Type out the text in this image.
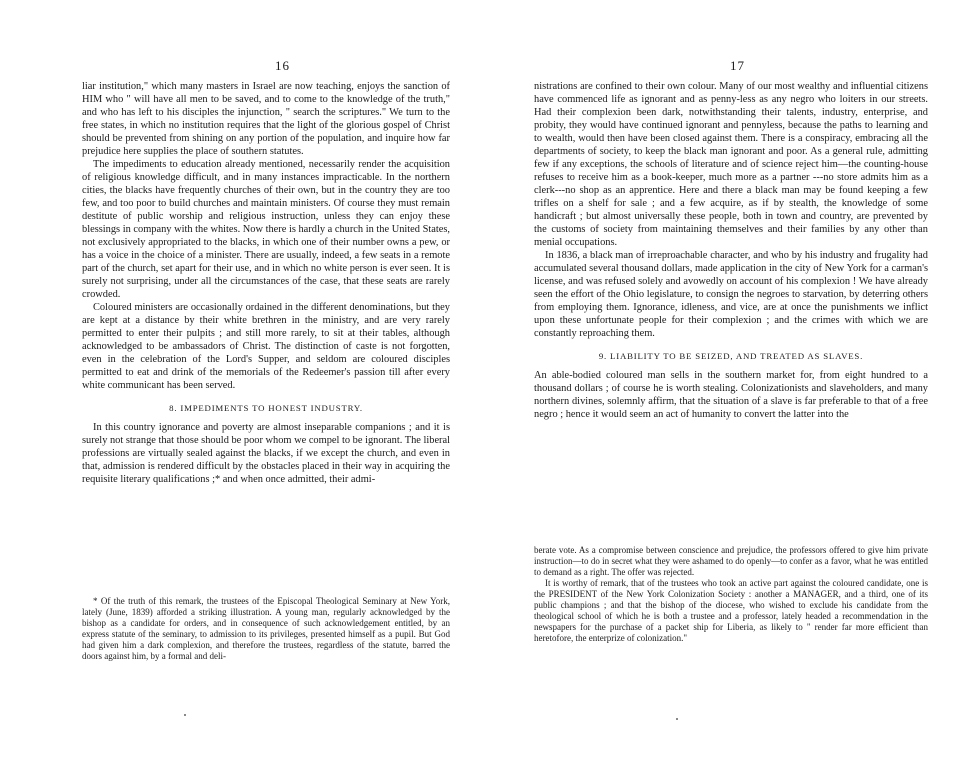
16

liar institution," which many masters in Israel are now teaching, enjoys the sanction of HIM who " will have all men to be saved, and to come to the knowledge of the truth," and who has left to his disciples the injunction, " search the scriptures." We turn to the free states, in which no institution requires that the light of the glorious gospel of Christ should be prevented from shining on any portion of the population, and inquire how far prejudice here supplies the place of southern statutes.

The impediments to education already mentioned, necessarily render the acquisition of religious knowledge difficult, and in many instances impracticable. In the northern cities, the blacks have frequently churches of their own, but in the country they are too few, and too poor to build churches and maintain ministers. Of course they must remain destitute of public worship and religious instruction, unless they can enjoy these blessings in company with the whites. Now there is hardly a church in the United States, not exclusively appropriated to the blacks, in which one of their number owns a pew, or has a voice in the choice of a minister. There are usually, indeed, a few seats in a remote part of the church, set apart for their use, and in which no white person is ever seen. It is surely not surprising, under all the circumstances of the case, that these seats are rarely crowded.

Coloured ministers are occasionally ordained in the different denominations, but they are kept at a distance by their white brethren in the ministry, and are very rarely permitted to enter their pulpits ; and still more rarely, to sit at their tables, although acknowledged to be ambassadors of Christ. The distinction of caste is not forgotten, even in the celebration of the Lord's Supper, and seldom are coloured disciples permitted to eat and drink of the memorials of the Redeemer's passion till after every white communicant has been served.

8. IMPEDIMENTS TO HONEST INDUSTRY.

In this country ignorance and poverty are almost inseparable companions ; and it is surely not strange that those should be poor whom we compel to be ignorant. The liberal professions are virtually sealed against the blacks, if we except the church, and even in that, admission is rendered difficult by the obstacles placed in their way in acquiring the requisite literary qualifications ;* and when once admitted, their admi-

* Of the truth of this remark, the trustees of the Episcopal Theological Seminary at New York, lately (June, 1839) afforded a striking illustration. A young man, regularly acknowledged by the bishop as a candidate for orders, and in consequence of such acknowledgement entitled, by an express statute of the seminary, to admission to its privileges, presented himself as a pupil. But God had given him a dark complexion, and therefore the trustees, regardless of the statute, barred the doors against him, by a formal and deli-

17

nistrations are confined to their own colour. Many of our most wealthy and influential citizens have commenced life as ignorant and as penny-less as any negro who loiters in our streets. Had their complexion been dark, notwithstanding their talents, industry, enterprise, and probity, they would have continued ignorant and pennyless, because the paths to learning and to wealth, would then have been closed against them. There is a conspiracy, embracing all the departments of society, to keep the black man ignorant and poor. As a general rule, admitting few if any exceptions, the schools of literature and of science reject him—the counting-house refuses to receive him as a book-keeper, much more as a partner ---no store admits him as a clerk---no shop as an apprentice. Here and there a black man may be found keeping a few trifles on a shelf for sale ; and a few acquire, as if by stealth, the knowledge of some handicraft ; but almost universally these people, both in town and country, are prevented by the customs of society from maintaining themselves and their families by any other than menial occupations.

In 1836, a black man of irreproachable character, and who by his industry and frugality had accumulated several thousand dollars, made application in the city of New York for a carman's license, and was refused solely and avowedly on account of his complexion ! We have already seen the effort of the Ohio legislature, to consign the negroes to starvation, by deterring others from employing them. Ignorance, idleness, and vice, are at once the punishments we inflict upon these unfortunate people for their complexion ; and the crimes with which we are constantly reproaching them.

9. LIABILITY TO BE SEIZED, AND TREATED AS SLAVES.

An able-bodied coloured man sells in the southern market for, from eight hundred to a thousand dollars ; of course he is worth stealing. Colonizationists and slaveholders, and many northern divines, solemnly affirm, that the situation of a slave is far preferable to that of a free negro ; hence it would seem an act of humanity to convert the latter into the

berate vote. As a compromise between conscience and prejudice, the professors offered to give him private instruction—to do in secret what they were ashamed to do openly—to confer as a favor, what he was entitled to demand as a right. The offer was rejected.

It is worthy of remark, that of the trustees who took an active part against the coloured candidate, one is the PRESIDENT of the New York Colonization Society : another a MANAGER, and a third, one of its public champions ; and that the bishop of the diocese, who wished to exclude his candidate from the theological school of which he is both a trustee and a professor, lately headed a recommendation in the newspapers for the purchase of a packet ship for Liberia, as likely to " render far more efficient than heretofore, the enterprize of colonization."
